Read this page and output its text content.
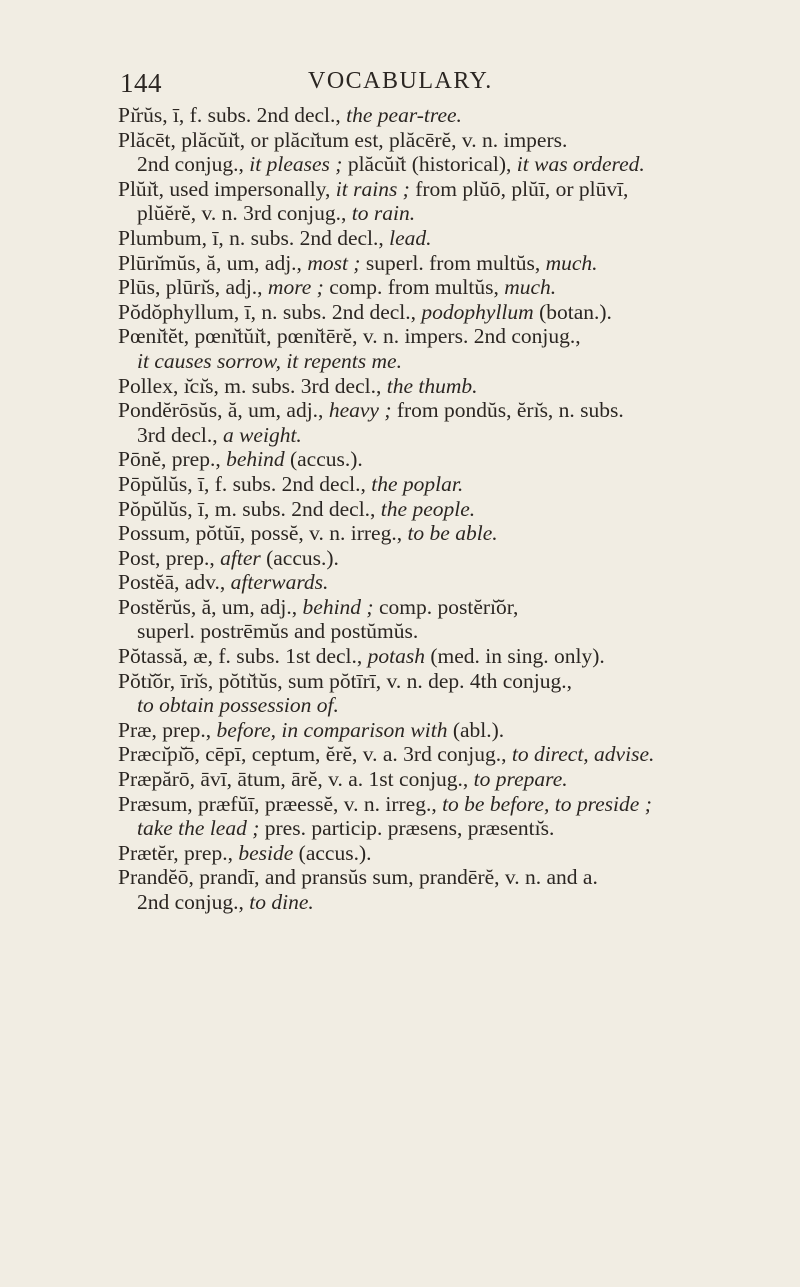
144	VOCABULARY.
Pı̆rŭs, ī, f. subs. 2nd decl., the pear-tree.
Plăcēt, plăcŭı̆t, or plăcı̆tum est, plăcērĕ, v. n. impers.
2nd conjug., it pleases ; plăcŭı̆t (historical), it was ordered.
Plŭı̆t, used impersonally, it rains ; from plŭō, plŭī, or plūvī,
plŭĕrĕ, v. n. 3rd conjug., to rain.
Plumbum, ī, n. subs. 2nd decl., lead.
Plūrı̆mŭs, ă, um, adj., most ; superl. from multŭs, much.
Plūs, plūrı̆s, adj., more ; comp. from multŭs, much.
Pŏdŏphyllum, ī, n. subs. 2nd decl., podophyllum (botan.).
Pœnı̆tĕt, pœnı̆tŭı̆t, pœnı̆tērĕ, v. n. impers. 2nd conjug.,
it causes sorrow, it repents me.
Pollex, ı̆cı̆s, m. subs. 3rd decl., the thumb.
Pondĕrōsŭs, ă, um, adj., heavy ; from pondŭs, ĕrı̆s, n. subs.
3rd decl., a weight.
Pōnĕ, prep., behind (accus.).
Pōpŭlŭs, ī, f. subs. 2nd decl., the poplar.
Pŏpŭlŭs, ī, m. subs. 2nd decl., the people.
Possum, pŏtŭī, possĕ, v. n. irreg., to be able.
Post, prep., after (accus.).
Postĕā, adv., afterwards.
Postĕrŭs, ă, um, adj., behind ; comp. postĕrı̆ŏr,
superl. postrēmŭs and postŭmŭs.
Pŏtassă, æ, f. subs. 1st decl., potash (med. in sing. only).
Pŏtı̆ŏr, īrı̆s, pŏtı̆tŭs, sum pŏtīrī, v. n. dep. 4th conjug.,
to obtain possession of.
Præ, prep., before, in comparison with (abl.).
Præcı̆pı̆ō, cēpī, ceptum, ĕrĕ, v. a. 3rd conjug., to direct, advise.
Præpărō, āvī, ātum, ārĕ, v. a. 1st conjug., to prepare.
Præsum, præfŭī, præessĕ, v. n. irreg., to be before, to preside ;
take the lead ; pres. particip. præsens, præsentı̆s.
Prætĕr, prep., beside (accus.).
Prandĕō, prandī, and pransŭs sum, prandērĕ, v. n. and a.
2nd conjug., to dine.
